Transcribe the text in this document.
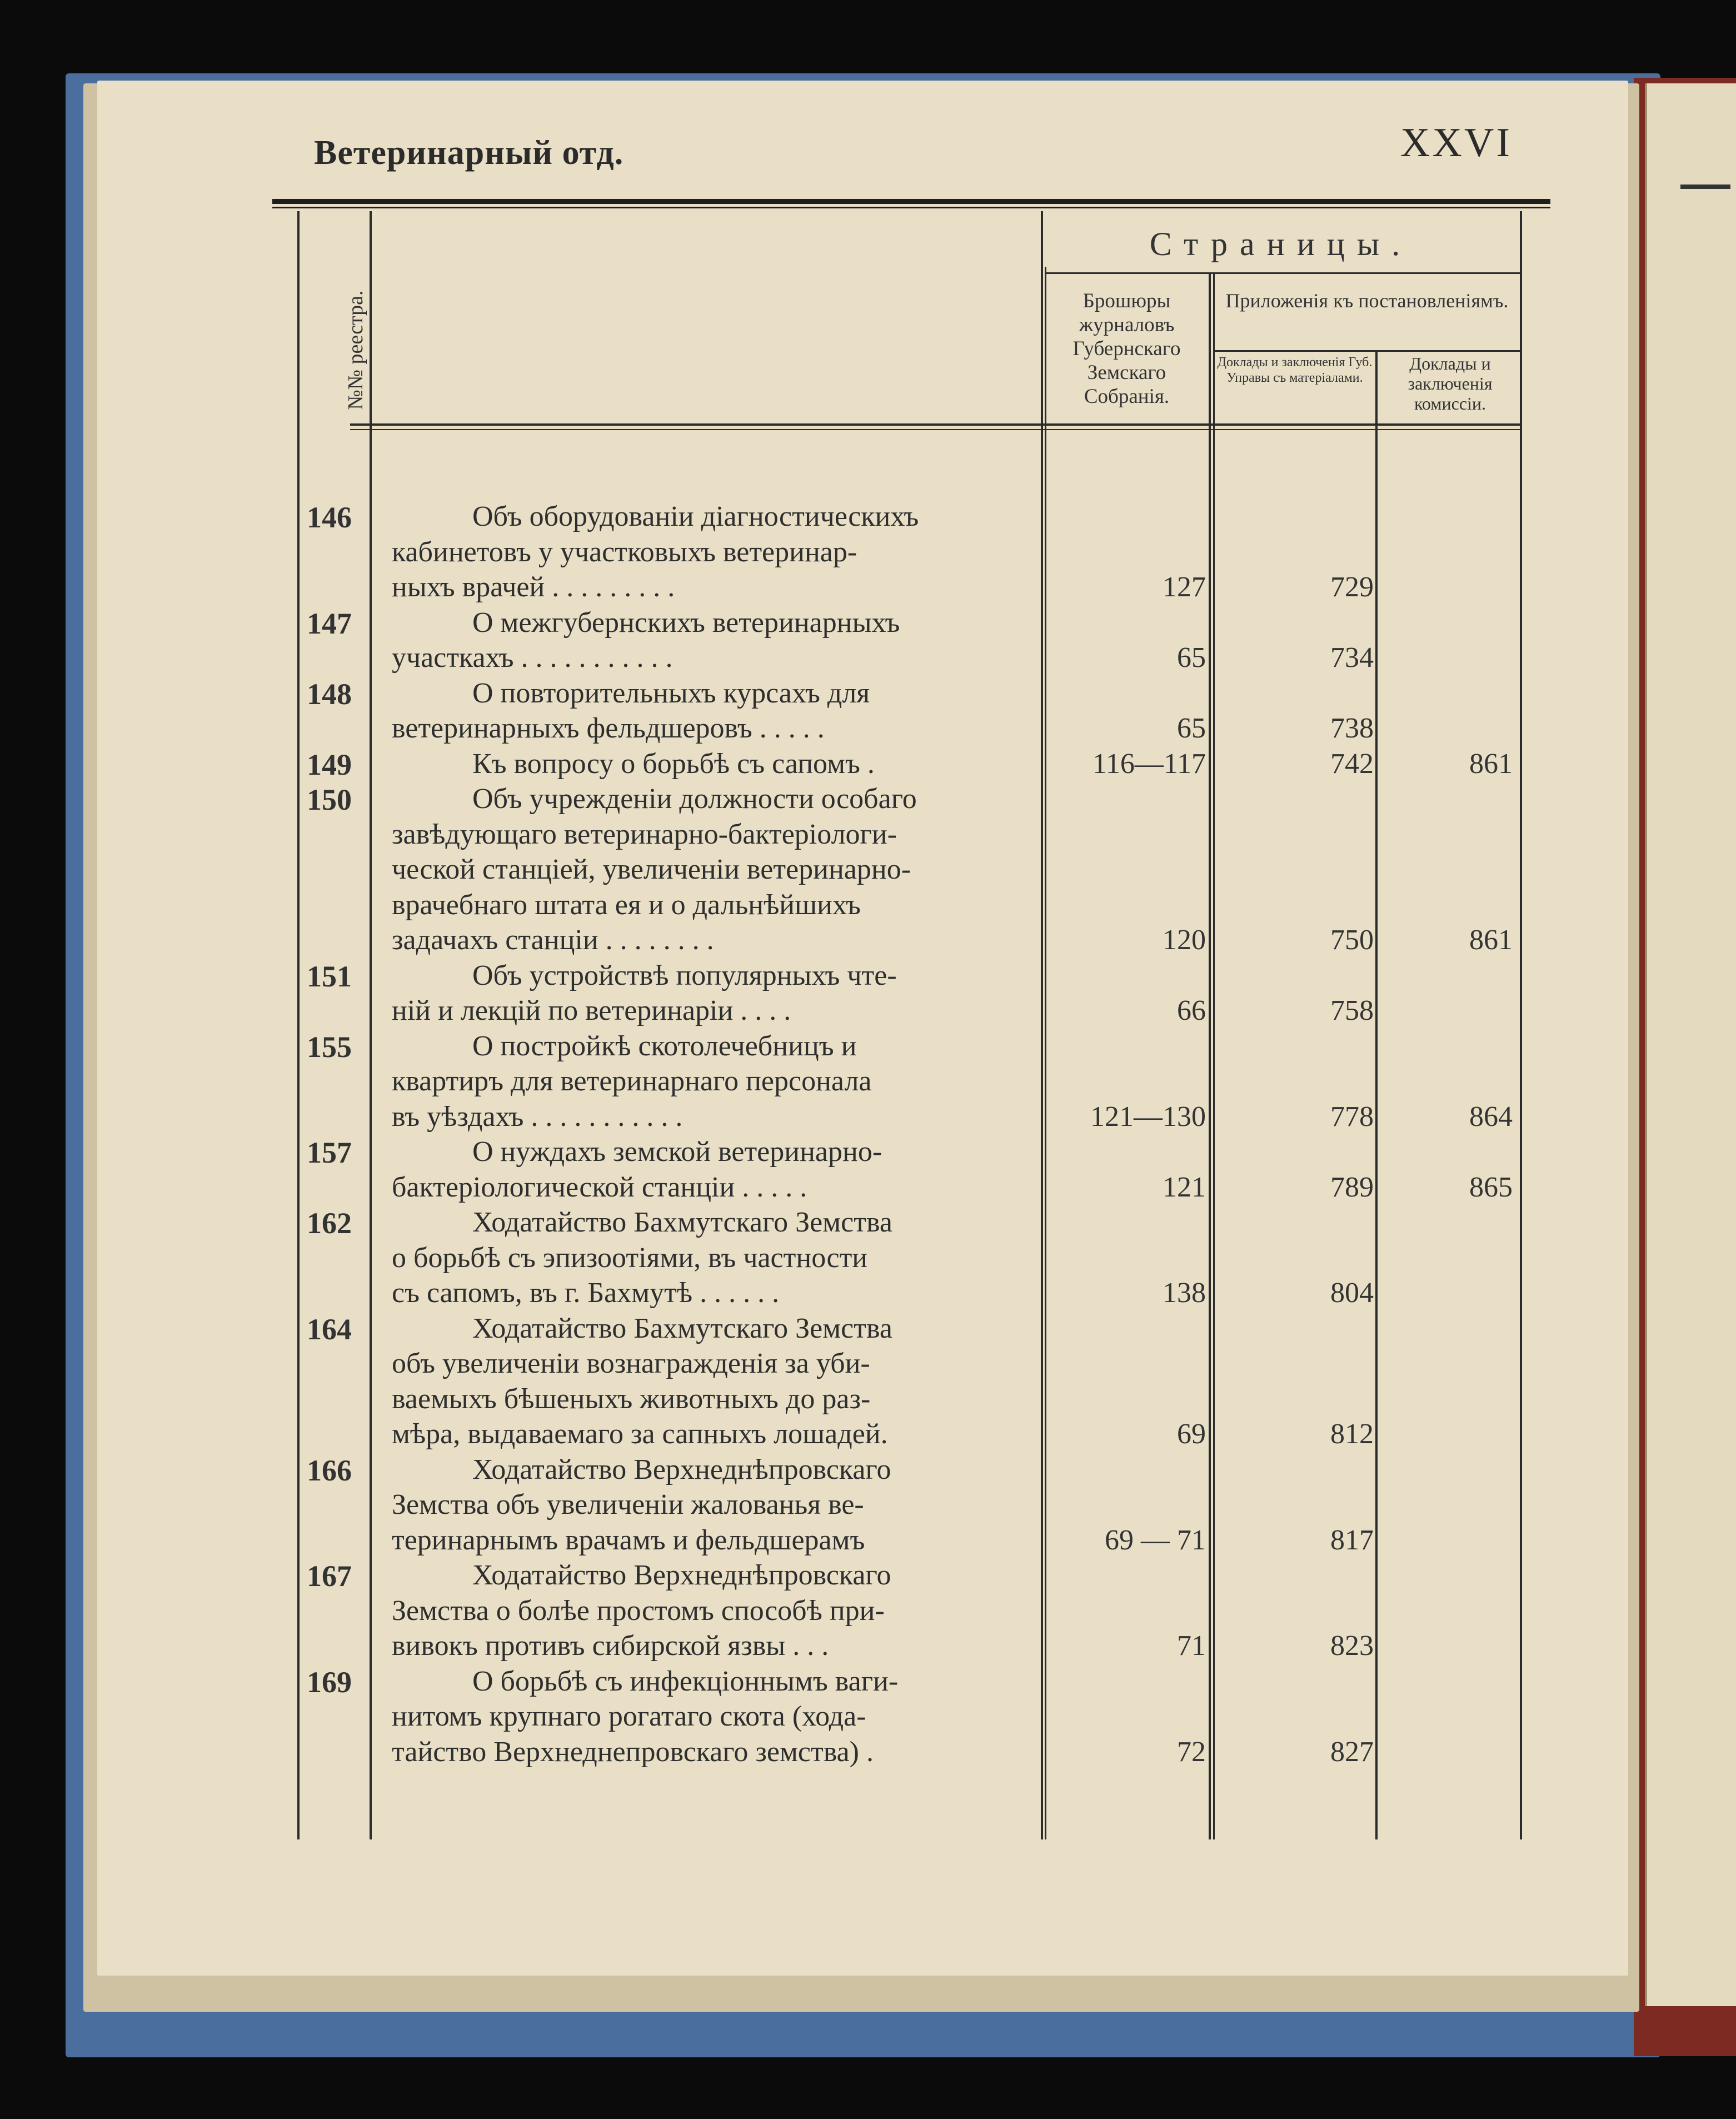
Ветеринарный отд.	XXVI
№№ реестра.
Страницы.
Брошюры журналовъ Губернскаго Земскаго Собранія.
Приложенія къ постановленіямъ.
Доклады и заключенія Губ. Управы съ матеріалами.
Доклады и заключенія комиссіи.
146	Объ оборудованіи діагностическихъ
кабинетовъ у участковыхъ ветеринар-
ныхъ врачей . . . . . . . . .	127	729
147	О межгубернскихъ ветеринарныхъ
участкахъ . . . . . . . . . . .	65	734
148	О повторительныхъ курсахъ для
ветеринарныхъ фельдшеровъ . . . . .	65	738
149	Къ вопросу о борьбѣ съ сапомъ .	116—117	742	861
150	Объ учрежденіи должности особаго
завѣдующаго ветеринарно-бактеріологи-
ческой станціей, увеличеніи ветеринарно-
врачебнаго штата ея и о дальнѣйшихъ
задачахъ станціи . . . . . . . .	120	750	861
151	Объ устройствѣ популярныхъ чте-
ній и лекцій по ветеринаріи . . . .	66	758
155	О постройкѣ скотолечебницъ и
квартиръ для ветеринарнаго персонала
въ уѣздахъ . . . . . . . . . . .	121—130	778	864
157	О нуждахъ земской ветеринарно-
бактеріологической станціи . . . . .	121	789	865
162	Ходатайство Бахмутскаго Земства
о борьбѣ съ эпизоотіями, въ частности
съ сапомъ, въ г. Бахмутѣ . . . . . .	138	804
164	Ходатайство Бахмутскаго Земства
объ увеличеніи вознагражденія за уби-
ваемыхъ бѣшеныхъ животныхъ до раз-
мѣра, выдаваемаго за сапныхъ лошадей.	69	812
166	Ходатайство Верхнеднѣпровскаго
Земства объ увеличеніи жалованья ве-
теринарнымъ врачамъ и фельдшерамъ	69 — 71	817
167	Ходатайство Верхнеднѣпровскаго
Земства о болѣе простомъ способѣ при-
вивокъ противъ сибирской язвы . . .	71	823
169	О борьбѣ съ инфекціоннымъ ваги-
нитомъ крупнаго рогатаго скота (хода-
тайство Верхнеднепровскаго земства) .	72	827
